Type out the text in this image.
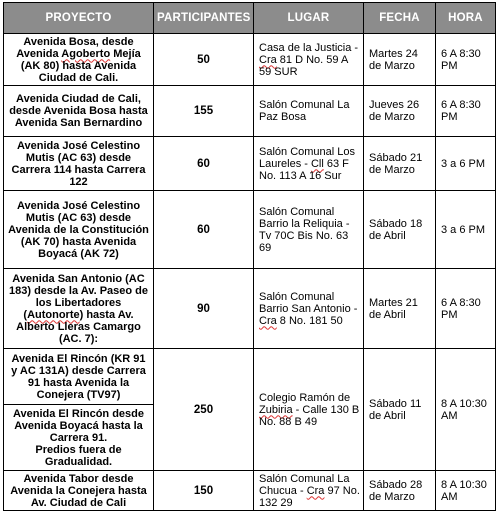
PROYECTO	PARTICIPANTES	LUGAR	FECHA	HORA
Avenida Bosa, desde Avenida Agoberto Mejía (AK 80) hasta Avenida Ciudad de Cali.	50	Casa de la Justicia - Cra 81 D No. 59 A 59 SUR	Martes 24 de Marzo	6 A 8:30 PM
Avenida Ciudad de Cali, desde Avenida Bosa hasta Avenida San Bernardino	155	Salón Comunal La Paz Bosa	Jueves 26 de Marzo	6 A 8:30 PM
Avenida José Celestino Mutis (AC 63) desde Carrera 114 hasta Carrera 122	60	Salón Comunal Los Laureles - Cll 63 F No. 113 A 16 Sur	Sábado 21 de Marzo	3 a 6 PM
Avenida José Celestino Mutis (AC 63) desde Avenida de la Constitución (AK 70) hasta Avenida Boyacá (AK 72)	60	Salón Comunal Barrio la Reliquia - Tv 70C Bis No. 63 69	Sábado 18 de Abril	3 a 6 PM
Avenida San Antonio (AC 183) desde la Av. Paseo de los Libertadores (Autonorte) hasta Av. Alberto Lleras Camargo (AC. 7):	90	Salón Comunal Barrio San Antonio - Cra 8 No. 181 50	Martes 21 de Abril	6 A 8:30 PM
Avenida El Rincón (KR 91 y AC 131A) desde Carrera 91 hasta Avenida la Conejera (TV97)	250	Colegio Ramón de Zubiria - Calle 130 B No. 88 B 49	Sábado 11 de Abril	8 A 10:30 AM
Avenida El Rincón desde Avenida Boyacá hasta la Carrera 91.
Predios fuera de Gradualidad.				
Avenida Tabor desde Avenida la Conejera hasta Av. Ciudad de Cali	150	Salón Comunal La Chucua - Cra 97 No. 132 29	Sábado 28 de Marzo	8 A 10:30 AM
